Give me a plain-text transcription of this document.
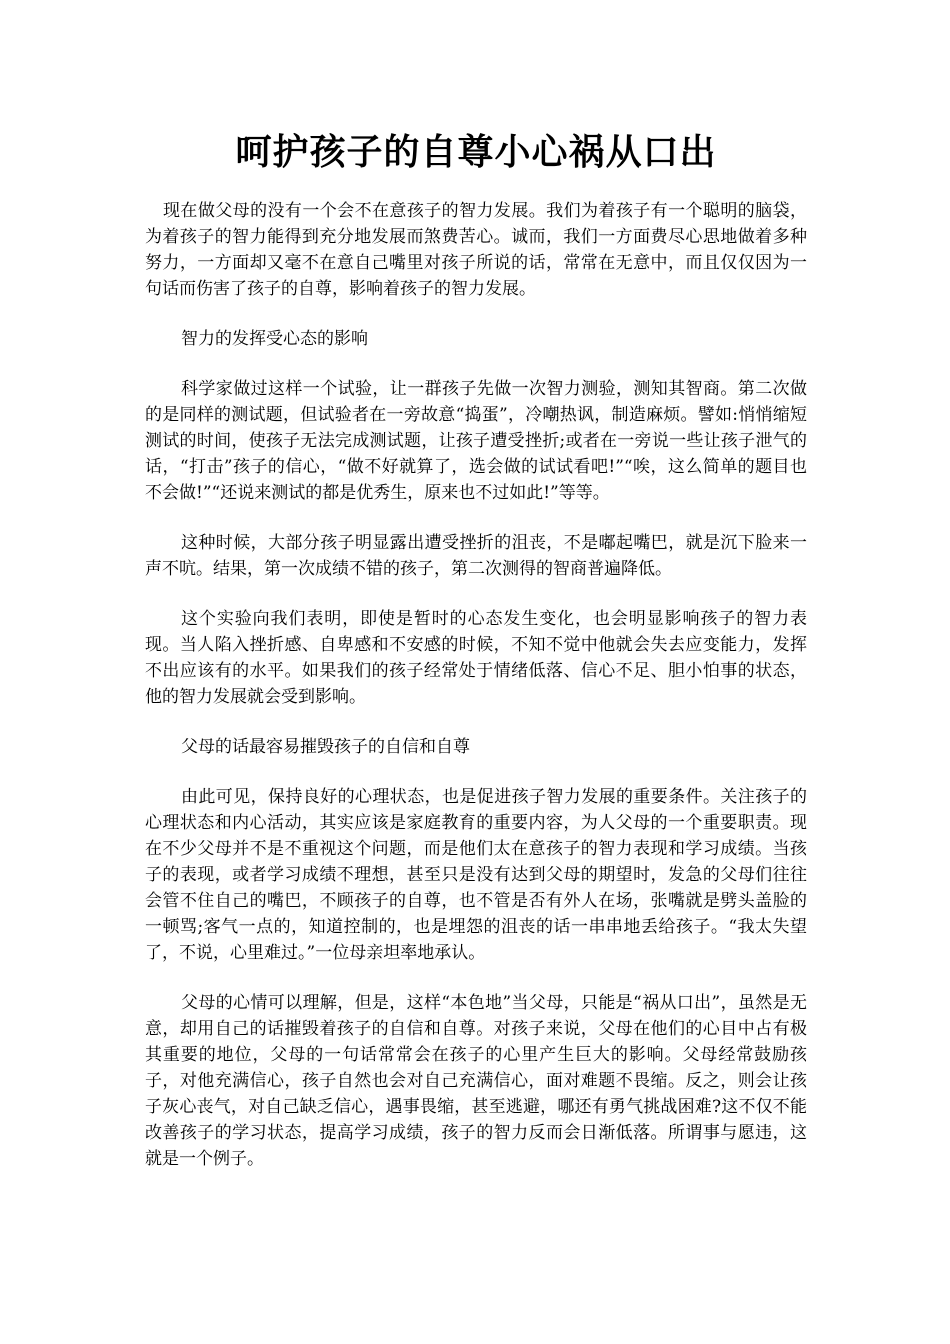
呵护孩子的自尊小心祸从口出

现在做父母的没有一个会不在意孩子的智力发展。我们为着孩子有一个聪明的脑袋，为着孩子的智力能得到充分地发展而煞费苦心。诚而，我们一方面费尽心思地做着多种努力，一方面却又毫不在意自己嘴里对孩子所说的话，常常在无意中，而且仅仅因为一句话而伤害了孩子的自尊，影响着孩子的智力发展。

智力的发挥受心态的影响

科学家做过这样一个试验，让一群孩子先做一次智力测验，测知其智商。第二次做的是同样的测试题，但试验者在一旁故意“捣蛋”，冷嘲热讽，制造麻烦。譬如:悄悄缩短测试的时间，使孩子无法完成测试题，让孩子遭受挫折;或者在一旁说一些让孩子泄气的话，“打击”孩子的信心，“做不好就算了，选会做的试试看吧!”“唉，这么简单的题目也不会做!”“还说来测试的都是优秀生，原来也不过如此!”等等。

这种时候，大部分孩子明显露出遭受挫折的沮丧，不是嘟起嘴巴，就是沉下脸来一声不吭。结果，第一次成绩不错的孩子，第二次测得的智商普遍降低。

这个实验向我们表明，即使是暂时的心态发生变化，也会明显影响孩子的智力表现。当人陷入挫折感、自卑感和不安感的时候，不知不觉中他就会失去应变能力，发挥不出应该有的水平。如果我们的孩子经常处于情绪低落、信心不足、胆小怕事的状态，他的智力发展就会受到影响。

父母的话最容易摧毁孩子的自信和自尊

由此可见，保持良好的心理状态，也是促进孩子智力发展的重要条件。关注孩子的心理状态和内心活动，其实应该是家庭教育的重要内容，为人父母的一个重要职责。现在不少父母并不是不重视这个问题，而是他们太在意孩子的智力表现和学习成绩。当孩子的表现，或者学习成绩不理想，甚至只是没有达到父母的期望时，发急的父母们往往会管不住自己的嘴巴，不顾孩子的自尊，也不管是否有外人在场，张嘴就是劈头盖脸的一顿骂;客气一点的，知道控制的，也是埋怨的沮丧的话一串串地丢给孩子。“我太失望了，不说，心里难过。”一位母亲坦率地承认。

父母的心情可以理解，但是，这样“本色地”当父母，只能是“祸从口出”，虽然是无意，却用自己的话摧毁着孩子的自信和自尊。对孩子来说，父母在他们的心目中占有极其重要的地位，父母的一句话常常会在孩子的心里产生巨大的影响。父母经常鼓励孩子，对他充满信心，孩子自然也会对自己充满信心，面对难题不畏缩。反之，则会让孩子灰心丧气，对自己缺乏信心，遇事畏缩，甚至逃避，哪还有勇气挑战困难?这不仅不能改善孩子的学习状态，提高学习成绩，孩子的智力反而会日渐低落。所谓事与愿违，这就是一个例子。
